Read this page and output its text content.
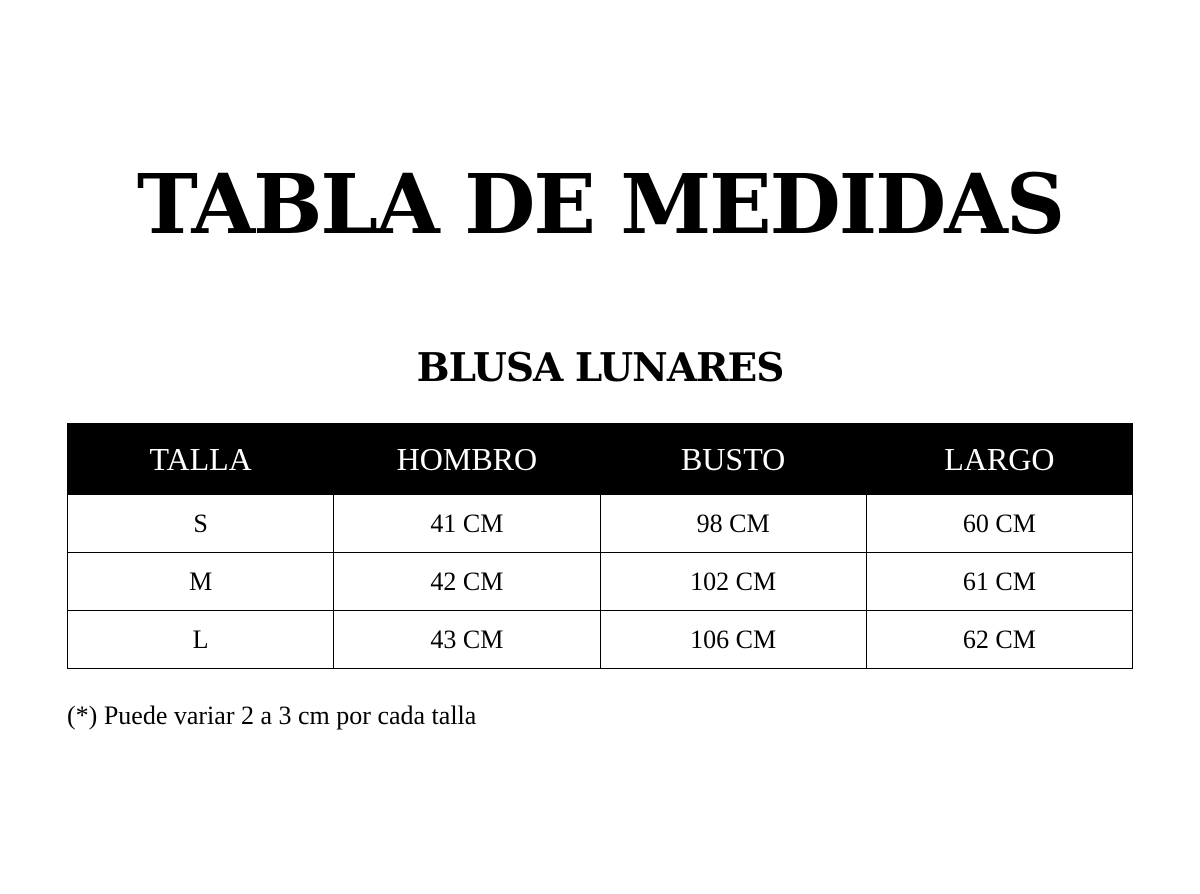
TABLA DE MEDIDAS
BLUSA LUNARES
TALLA	HOMBRO	BUSTO	LARGO
S	41 CM	98 CM	60 CM
M	42 CM	102 CM	61 CM
L	43 CM	106 CM	62 CM

(*) Puede variar 2 a 3 cm por cada talla
